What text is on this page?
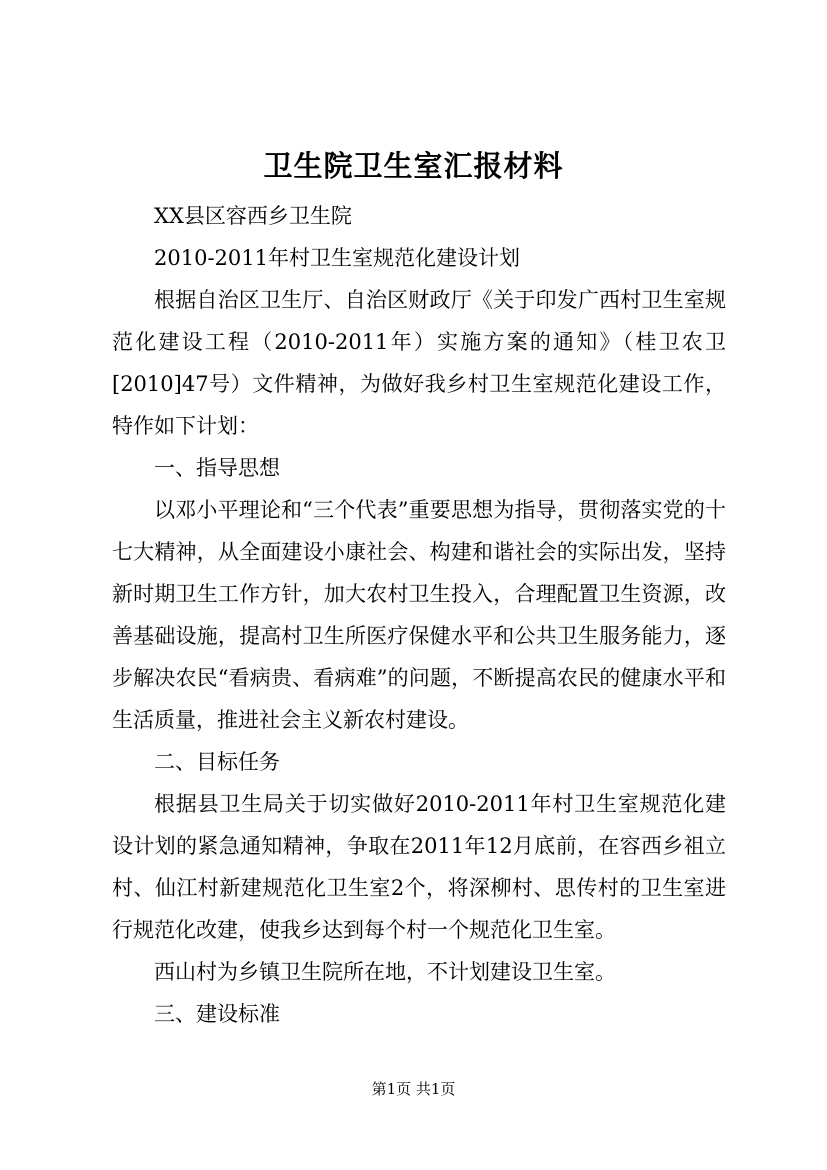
卫生院卫生室汇报材料

XX县区容西乡卫生院

2010-2011年村卫生室规范化建设计划

根据自治区卫生厅、自治区财政厅《关于印发广西村卫生室规范化建设工程（2010-2011年）实施方案的通知》（桂卫农卫[2010]47号）文件精神，为做好我乡村卫生室规范化建设工作，特作如下计划：

一、指导思想

以邓小平理论和“三个代表”重要思想为指导，贯彻落实党的十七大精神，从全面建设小康社会、构建和谐社会的实际出发，坚持新时期卫生工作方针，加大农村卫生投入，合理配置卫生资源，改善基础设施，提高村卫生所医疗保健水平和公共卫生服务能力，逐步解决农民“看病贵、看病难”的问题，不断提高农民的健康水平和生活质量，推进社会主义新农村建设。

二、目标任务

根据县卫生局关于切实做好2010-2011年村卫生室规范化建设计划的紧急通知精神，争取在2011年12月底前，在容西乡祖立村、仙江村新建规范化卫生室2个，将深柳村、思传村的卫生室进行规范化改建，使我乡达到每个村一个规范化卫生室。

西山村为乡镇卫生院所在地，不计划建设卫生室。

三、建设标准

第1页 共1页
